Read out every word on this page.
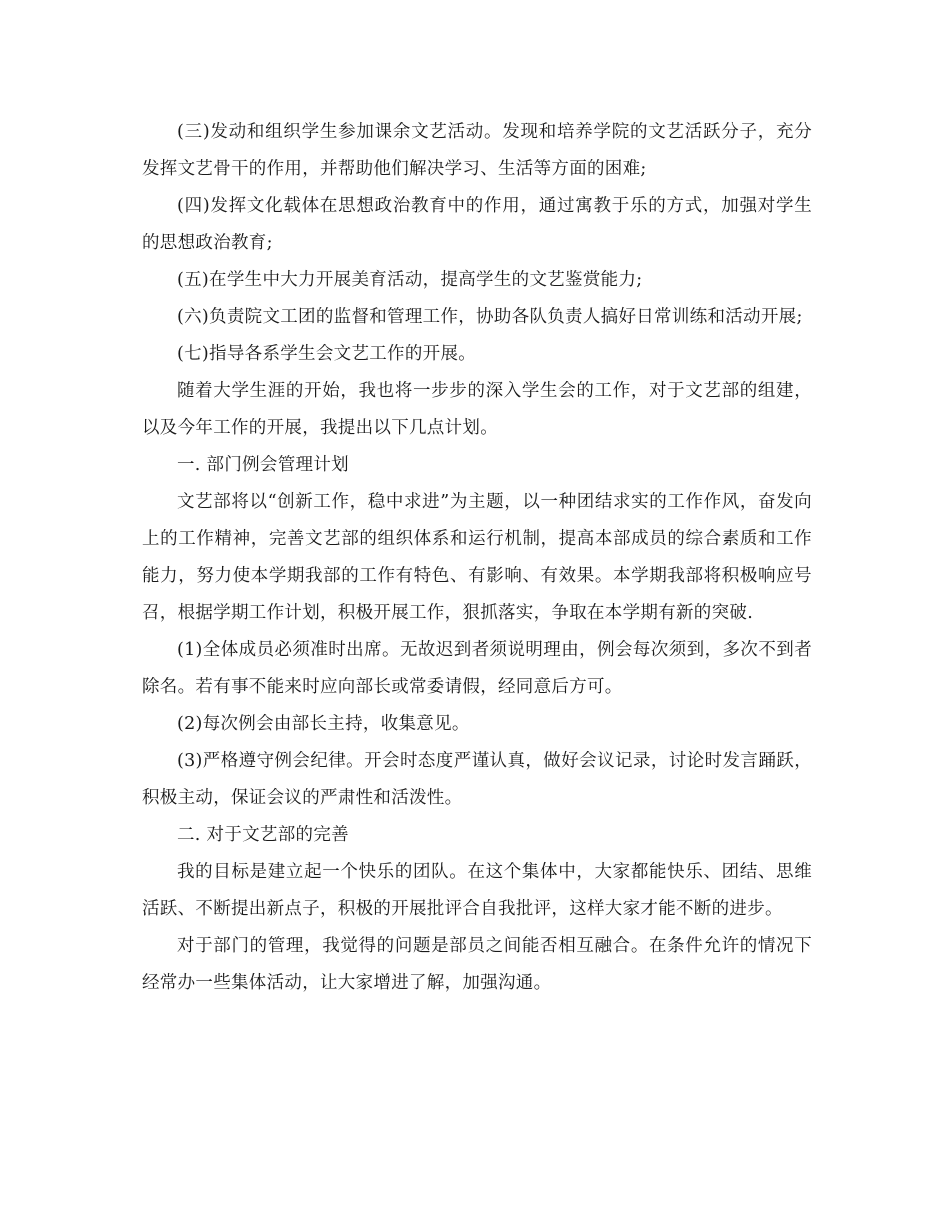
(三)发动和组织学生参加课余文艺活动。发现和培养学院的文艺活跃分子，充分发挥文艺骨干的作用，并帮助他们解决学习、生活等方面的困难;

(四)发挥文化载体在思想政治教育中的作用，通过寓教于乐的方式，加强对学生的思想政治教育;

(五)在学生中大力开展美育活动，提高学生的文艺鉴赏能力;

(六)负责院文工团的监督和管理工作，协助各队负责人搞好日常训练和活动开展;

(七)指导各系学生会文艺工作的开展。

随着大学生涯的开始，我也将一步步的深入学生会的工作，对于文艺部的组建，以及今年工作的开展，我提出以下几点计划。

一. 部门例会管理计划

文艺部将以“创新工作，稳中求进”为主题，以一种团结求实的工作作风，奋发向上的工作精神，完善文艺部的组织体系和运行机制，提高本部成员的综合素质和工作能力，努力使本学期我部的工作有特色、有影响、有效果。本学期我部将积极响应号召，根据学期工作计划，积极开展工作，狠抓落实，争取在本学期有新的突破.

(1)全体成员必须准时出席。无故迟到者须说明理由，例会每次须到，多次不到者除名。若有事不能来时应向部长或常委请假，经同意后方可。

(2)每次例会由部长主持，收集意见。

(3)严格遵守例会纪律。开会时态度严谨认真，做好会议记录，讨论时发言踊跃，积极主动，保证会议的严肃性和活泼性。

二. 对于文艺部的完善

我的目标是建立起一个快乐的团队。在这个集体中，大家都能快乐、团结、思维活跃、不断提出新点子，积极的开展批评合自我批评，这样大家才能不断的进步。

对于部门的管理，我觉得的问题是部员之间能否相互融合。在条件允许的情况下经常办一些集体活动，让大家增进了解，加强沟通。
